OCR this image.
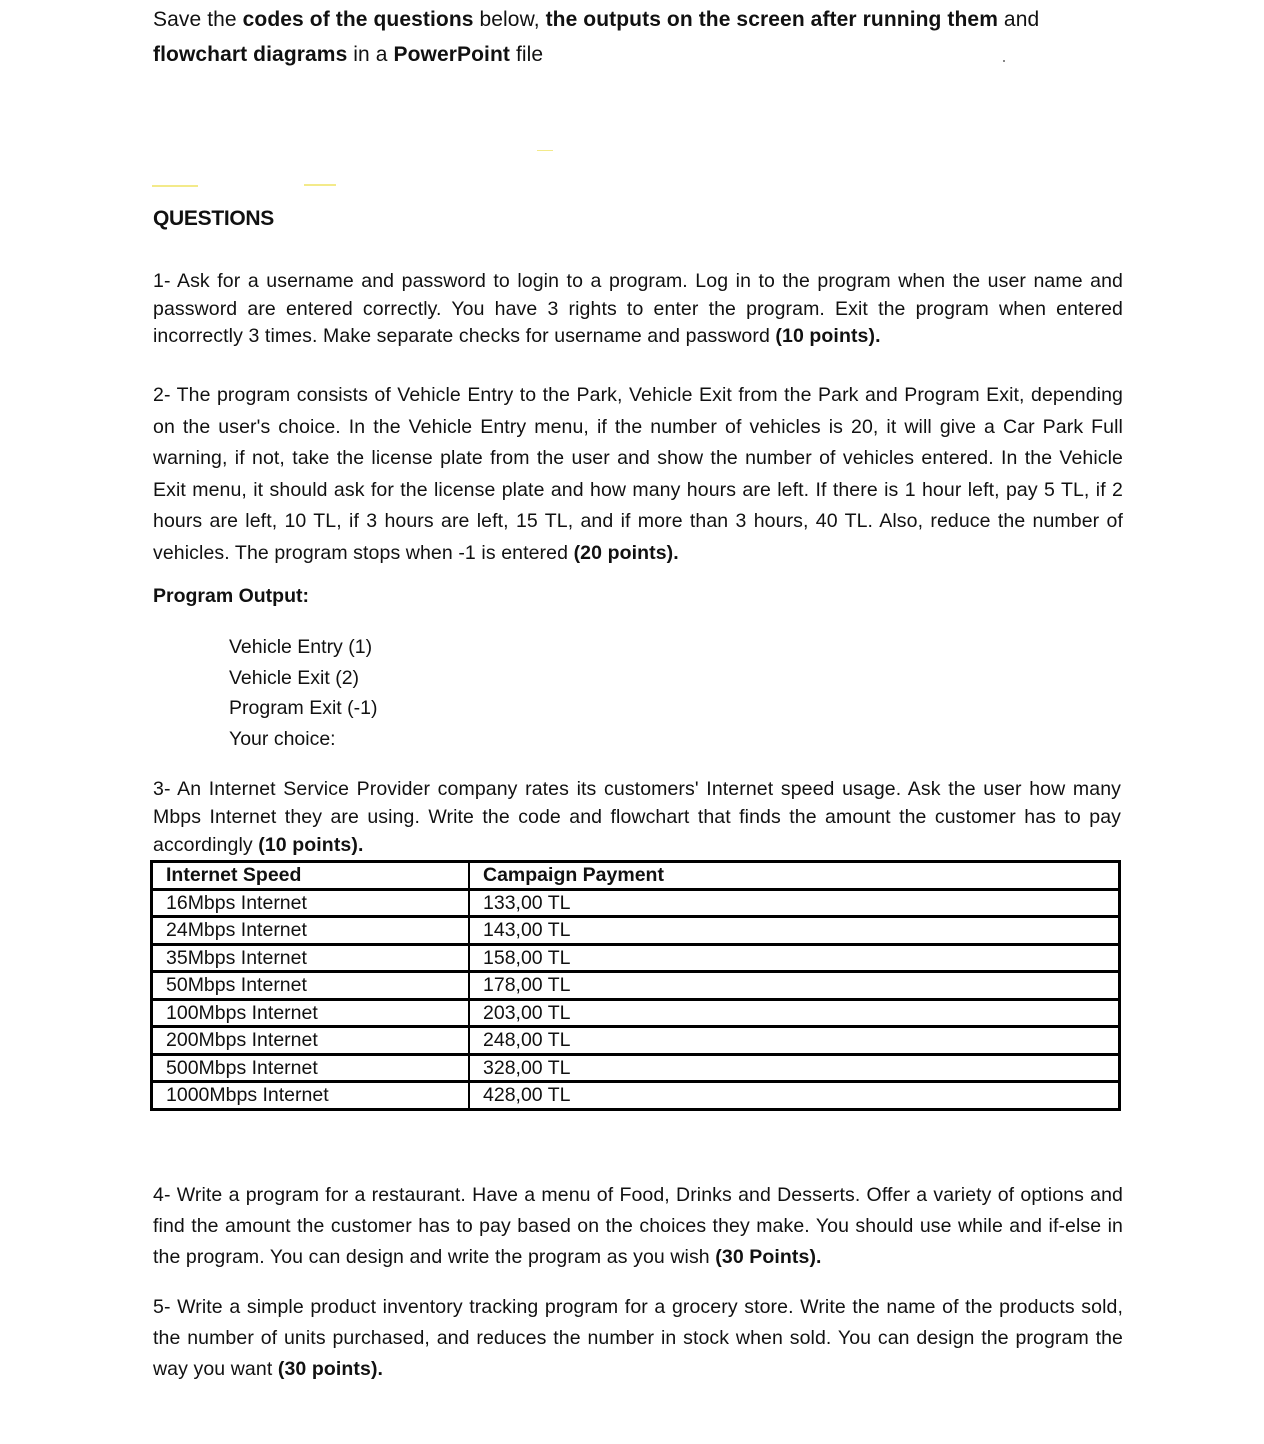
Save the codes of the questions below, the outputs on the screen after running them and
flowchart diagrams in a PowerPoint file
QUESTIONS
1- Ask for a username and password to login to a program. Log in to the program when the user name and password are entered correctly. You have 3 rights to enter the program. Exit the program when entered incorrectly 3 times. Make separate checks for username and password (10 points).
2- The program consists of Vehicle Entry to the Park, Vehicle Exit from the Park and Program Exit, depending on the user's choice. In the Vehicle Entry menu, if the number of vehicles is 20, it will give a Car Park Full warning, if not, take the license plate from the user and show the number of vehicles entered. In the Vehicle Exit menu, it should ask for the license plate and how many hours are left. If there is 1 hour left, pay 5 TL, if 2 hours are left, 10 TL, if 3 hours are left, 15 TL, and if more than 3 hours, 40 TL. Also, reduce the number of vehicles. The program stops when -1 is entered (20 points).
Program Output:
Vehicle Entry (1)
Vehicle Exit (2)
Program Exit (-1)
Your choice:
3- An Internet Service Provider company rates its customers' Internet speed usage. Ask the user how many Mbps Internet they are using. Write the code and flowchart that finds the amount the customer has to pay accordingly (10 points).
Internet Speed	Campaign Payment
16Mbps Internet	133,00 TL
24Mbps Internet	143,00 TL
35Mbps Internet	158,00 TL
50Mbps Internet	178,00 TL
100Mbps Internet	203,00 TL
200Mbps Internet	248,00 TL
500Mbps Internet	328,00 TL
1000Mbps Internet	428,00 TL
4- Write a program for a restaurant. Have a menu of Food, Drinks and Desserts. Offer a variety of options and find the amount the customer has to pay based on the choices they make. You should use while and if-else in the program. You can design and write the program as you wish (30 Points).
5- Write a simple product inventory tracking program for a grocery store. Write the name of the products sold, the number of units purchased, and reduces the number in stock when sold. You can design the program the way you want (30 points).
